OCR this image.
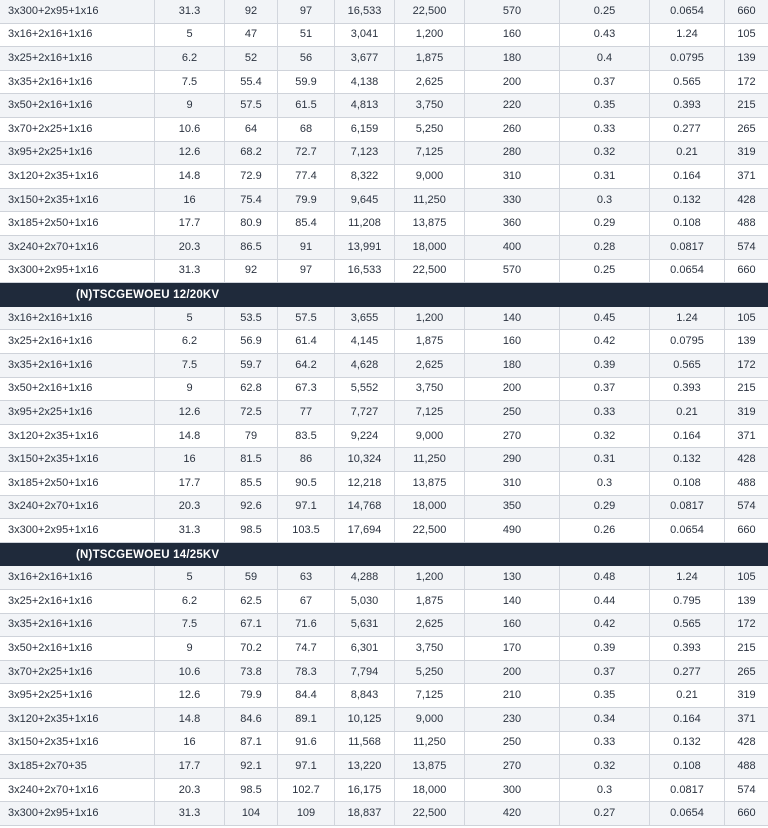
3x300+2x95+1x16	31.3	92	97	16,533	22,500	570	0.25	0.0654	660
3x16+2x16+1x16	5	47	51	3,041	1,200	160	0.43	1.24	105
3x25+2x16+1x16	6.2	52	56	3,677	1,875	180	0.4	0.0795	139
3x35+2x16+1x16	7.5	55.4	59.9	4,138	2,625	200	0.37	0.565	172
3x50+2x16+1x16	9	57.5	61.5	4,813	3,750	220	0.35	0.393	215
3x70+2x25+1x16	10.6	64	68	6,159	5,250	260	0.33	0.277	265
3x95+2x25+1x16	12.6	68.2	72.7	7,123	7,125	280	0.32	0.21	319
3x120+2x35+1x16	14.8	72.9	77.4	8,322	9,000	310	0.31	0.164	371
3x150+2x35+1x16	16	75.4	79.9	9,645	11,250	330	0.3	0.132	428
3x185+2x50+1x16	17.7	80.9	85.4	11,208	13,875	360	0.29	0.108	488
3x240+2x70+1x16	20.3	86.5	91	13,991	18,000	400	0.28	0.0817	574
3x300+2x95+1x16	31.3	92	97	16,533	22,500	570	0.25	0.0654	660
(N)TSCGEWOEU 12/20KV
3x16+2x16+1x16	5	53.5	57.5	3,655	1,200	140	0.45	1.24	105
3x25+2x16+1x16	6.2	56.9	61.4	4,145	1,875	160	0.42	0.0795	139
3x35+2x16+1x16	7.5	59.7	64.2	4,628	2,625	180	0.39	0.565	172
3x50+2x16+1x16	9	62.8	67.3	5,552	3,750	200	0.37	0.393	215
3x95+2x25+1x16	12.6	72.5	77	7,727	7,125	250	0.33	0.21	319
3x120+2x35+1x16	14.8	79	83.5	9,224	9,000	270	0.32	0.164	371
3x150+2x35+1x16	16	81.5	86	10,324	11,250	290	0.31	0.132	428
3x185+2x50+1x16	17.7	85.5	90.5	12,218	13,875	310	0.3	0.108	488
3x240+2x70+1x16	20.3	92.6	97.1	14,768	18,000	350	0.29	0.0817	574
3x300+2x95+1x16	31.3	98.5	103.5	17,694	22,500	490	0.26	0.0654	660
(N)TSCGEWOEU 14/25KV
3x16+2x16+1x16	5	59	63	4,288	1,200	130	0.48	1.24	105
3x25+2x16+1x16	6.2	62.5	67	5,030	1,875	140	0.44	0.795	139
3x35+2x16+1x16	7.5	67.1	71.6	5,631	2,625	160	0.42	0.565	172
3x50+2x16+1x16	9	70.2	74.7	6,301	3,750	170	0.39	0.393	215
3x70+2x25+1x16	10.6	73.8	78.3	7,794	5,250	200	0.37	0.277	265
3x95+2x25+1x16	12.6	79.9	84.4	8,843	7,125	210	0.35	0.21	319
3x120+2x35+1x16	14.8	84.6	89.1	10,125	9,000	230	0.34	0.164	371
3x150+2x35+1x16	16	87.1	91.6	11,568	11,250	250	0.33	0.132	428
3x185+2x70+35	17.7	92.1	97.1	13,220	13,875	270	0.32	0.108	488
3x240+2x70+1x16	20.3	98.5	102.7	16,175	18,000	300	0.3	0.0817	574
3x300+2x95+1x16	31.3	104	109	18,837	22,500	420	0.27	0.0654	660
